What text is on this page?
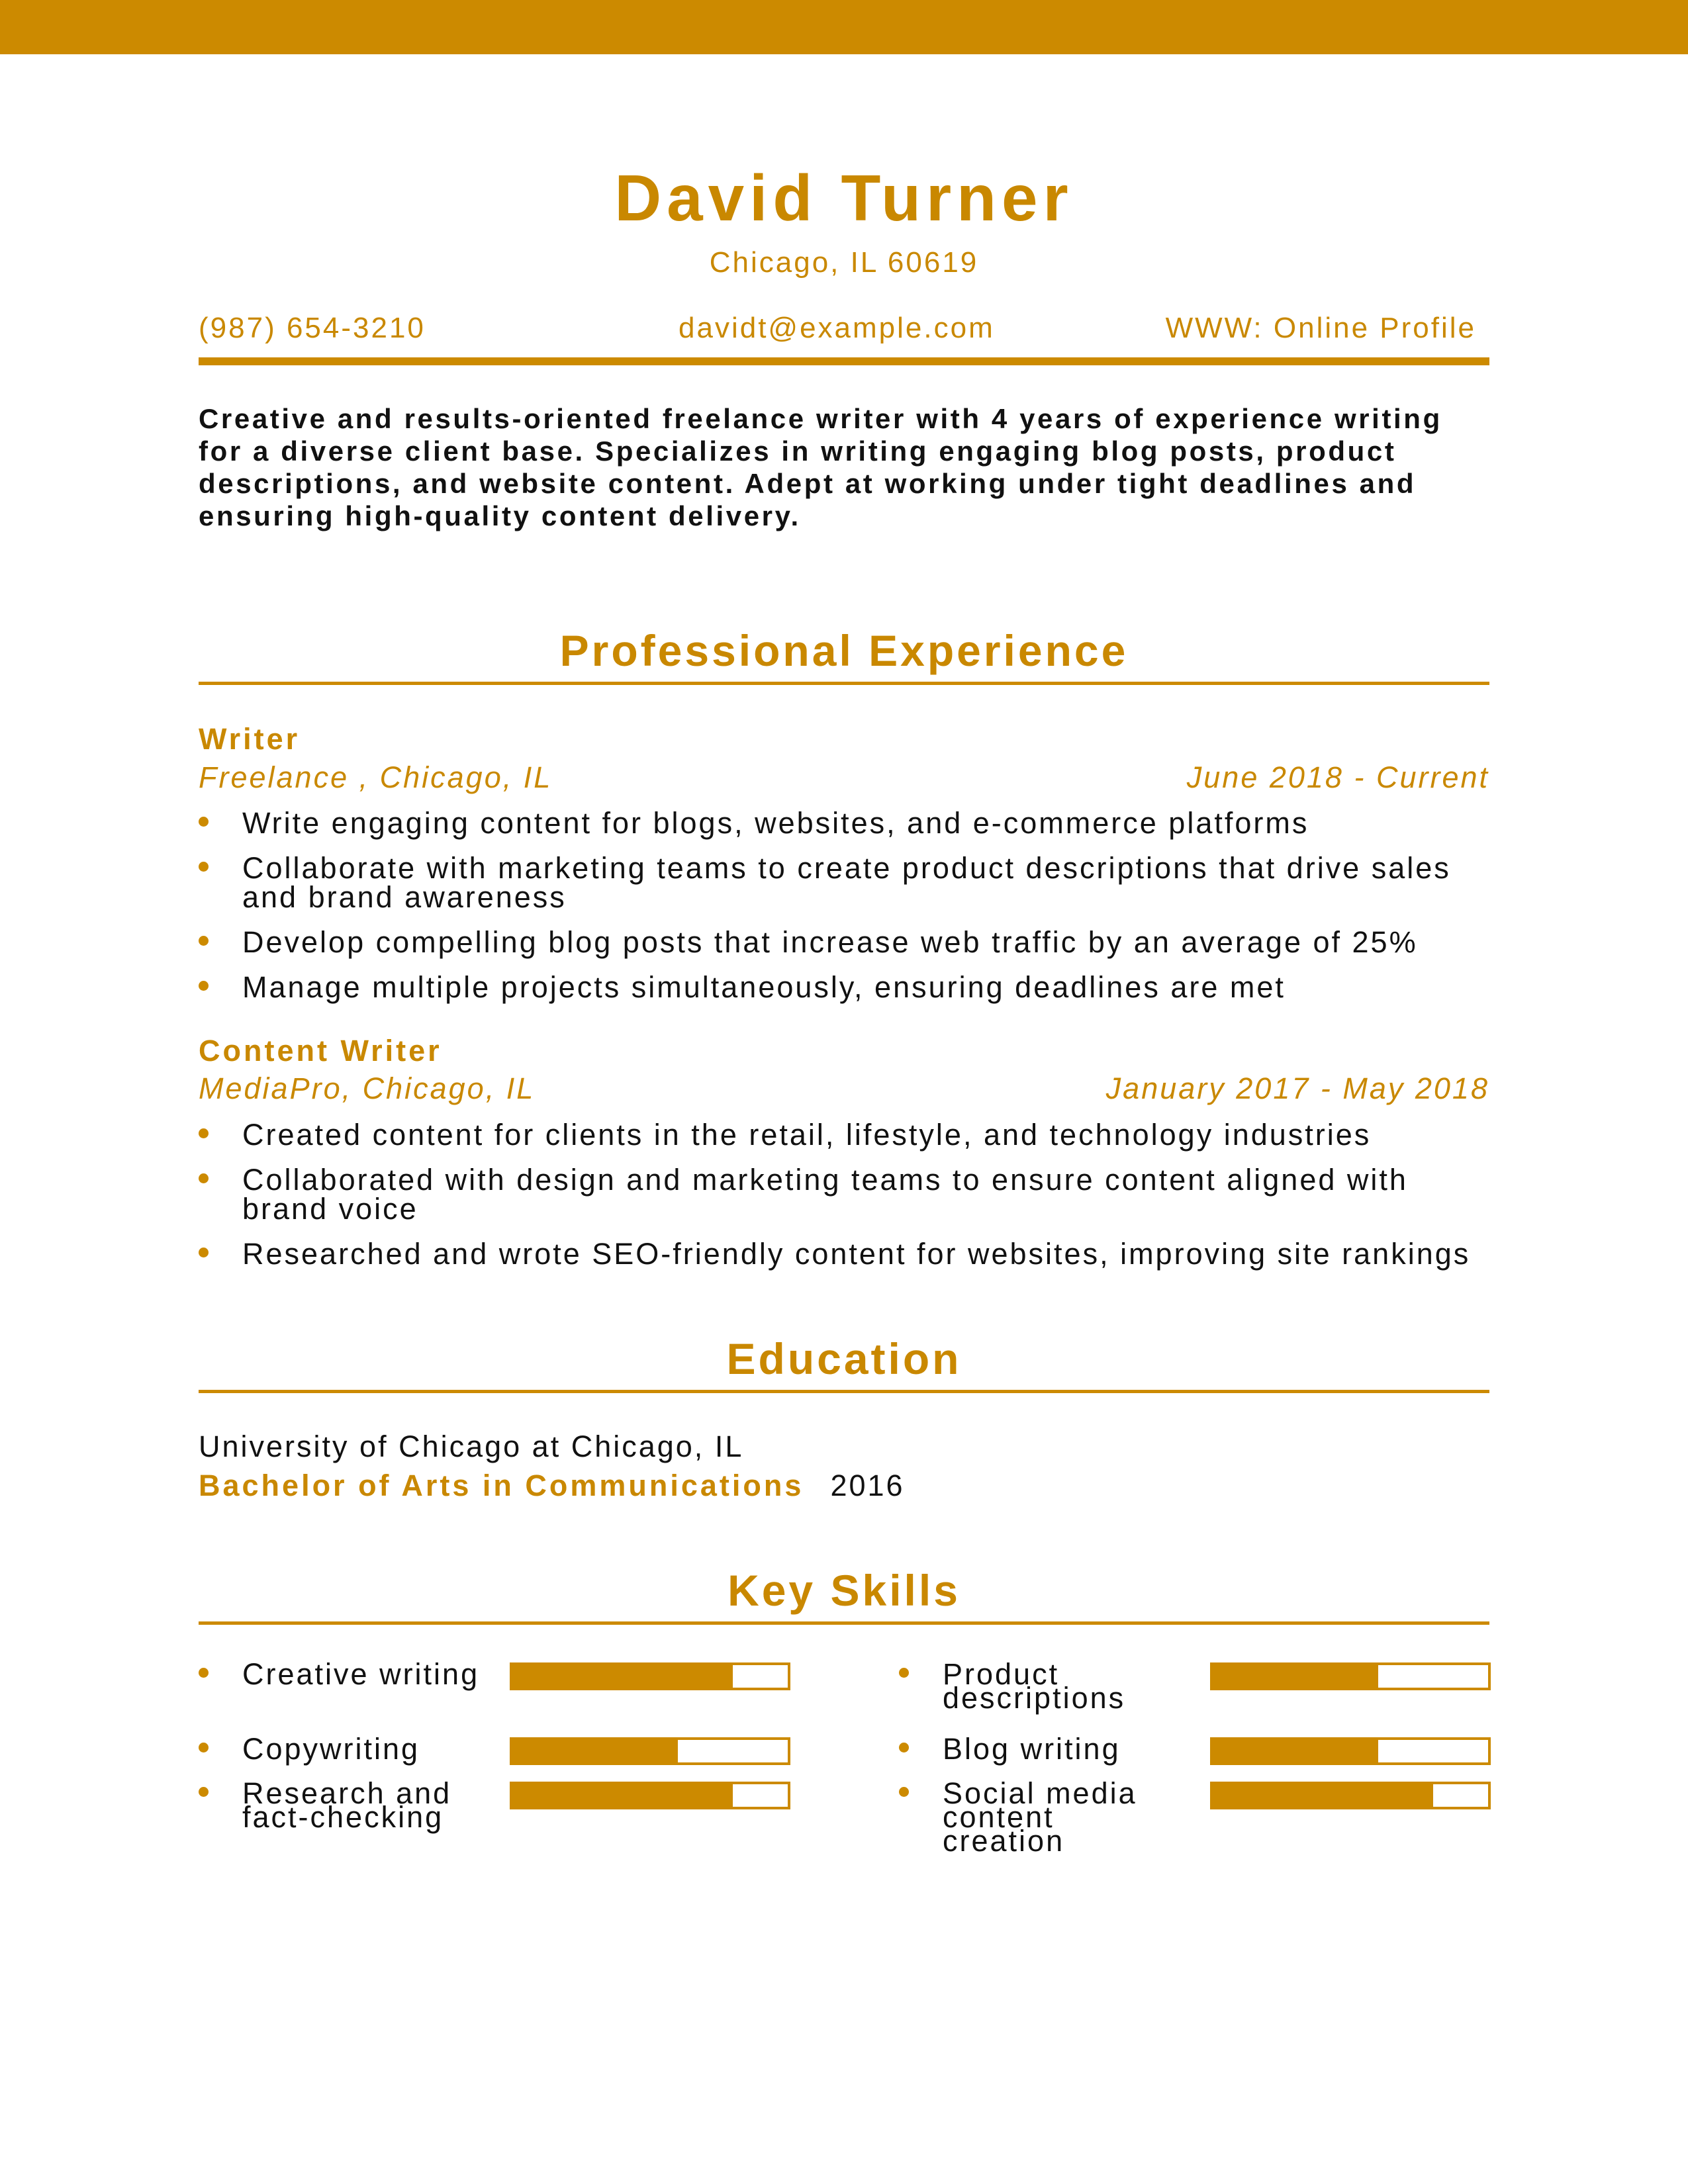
David Turner
Chicago, IL 60619
(987) 654-3210	davidt@example.com	WWW: Online Profile
Creative and results-oriented freelance writer with 4 years of experience writing for a diverse client base. Specializes in writing engaging blog posts, product descriptions, and website content. Adept at working under tight deadlines and ensuring high-quality content delivery.
Professional Experience
Writer
Freelance , Chicago, IL	June 2018 - Current
Write engaging content for blogs, websites, and e-commerce platforms
Collaborate with marketing teams to create product descriptions that drive sales and brand awareness
Develop compelling blog posts that increase web traffic by an average of 25%
Manage multiple projects simultaneously, ensuring deadlines are met
Content Writer
MediaPro, Chicago, IL	January 2017 - May 2018
Created content for clients in the retail, lifestyle, and technology industries
Collaborated with design and marketing teams to ensure content aligned with brand voice
Researched and wrote SEO-friendly content for websites, improving site rankings
Education
University of Chicago at Chicago, IL
Bachelor of Arts in Communications 2016
Key Skills
Creative writing
Copywriting
Research and fact-checking
Product descriptions
Blog writing
Social media content creation
